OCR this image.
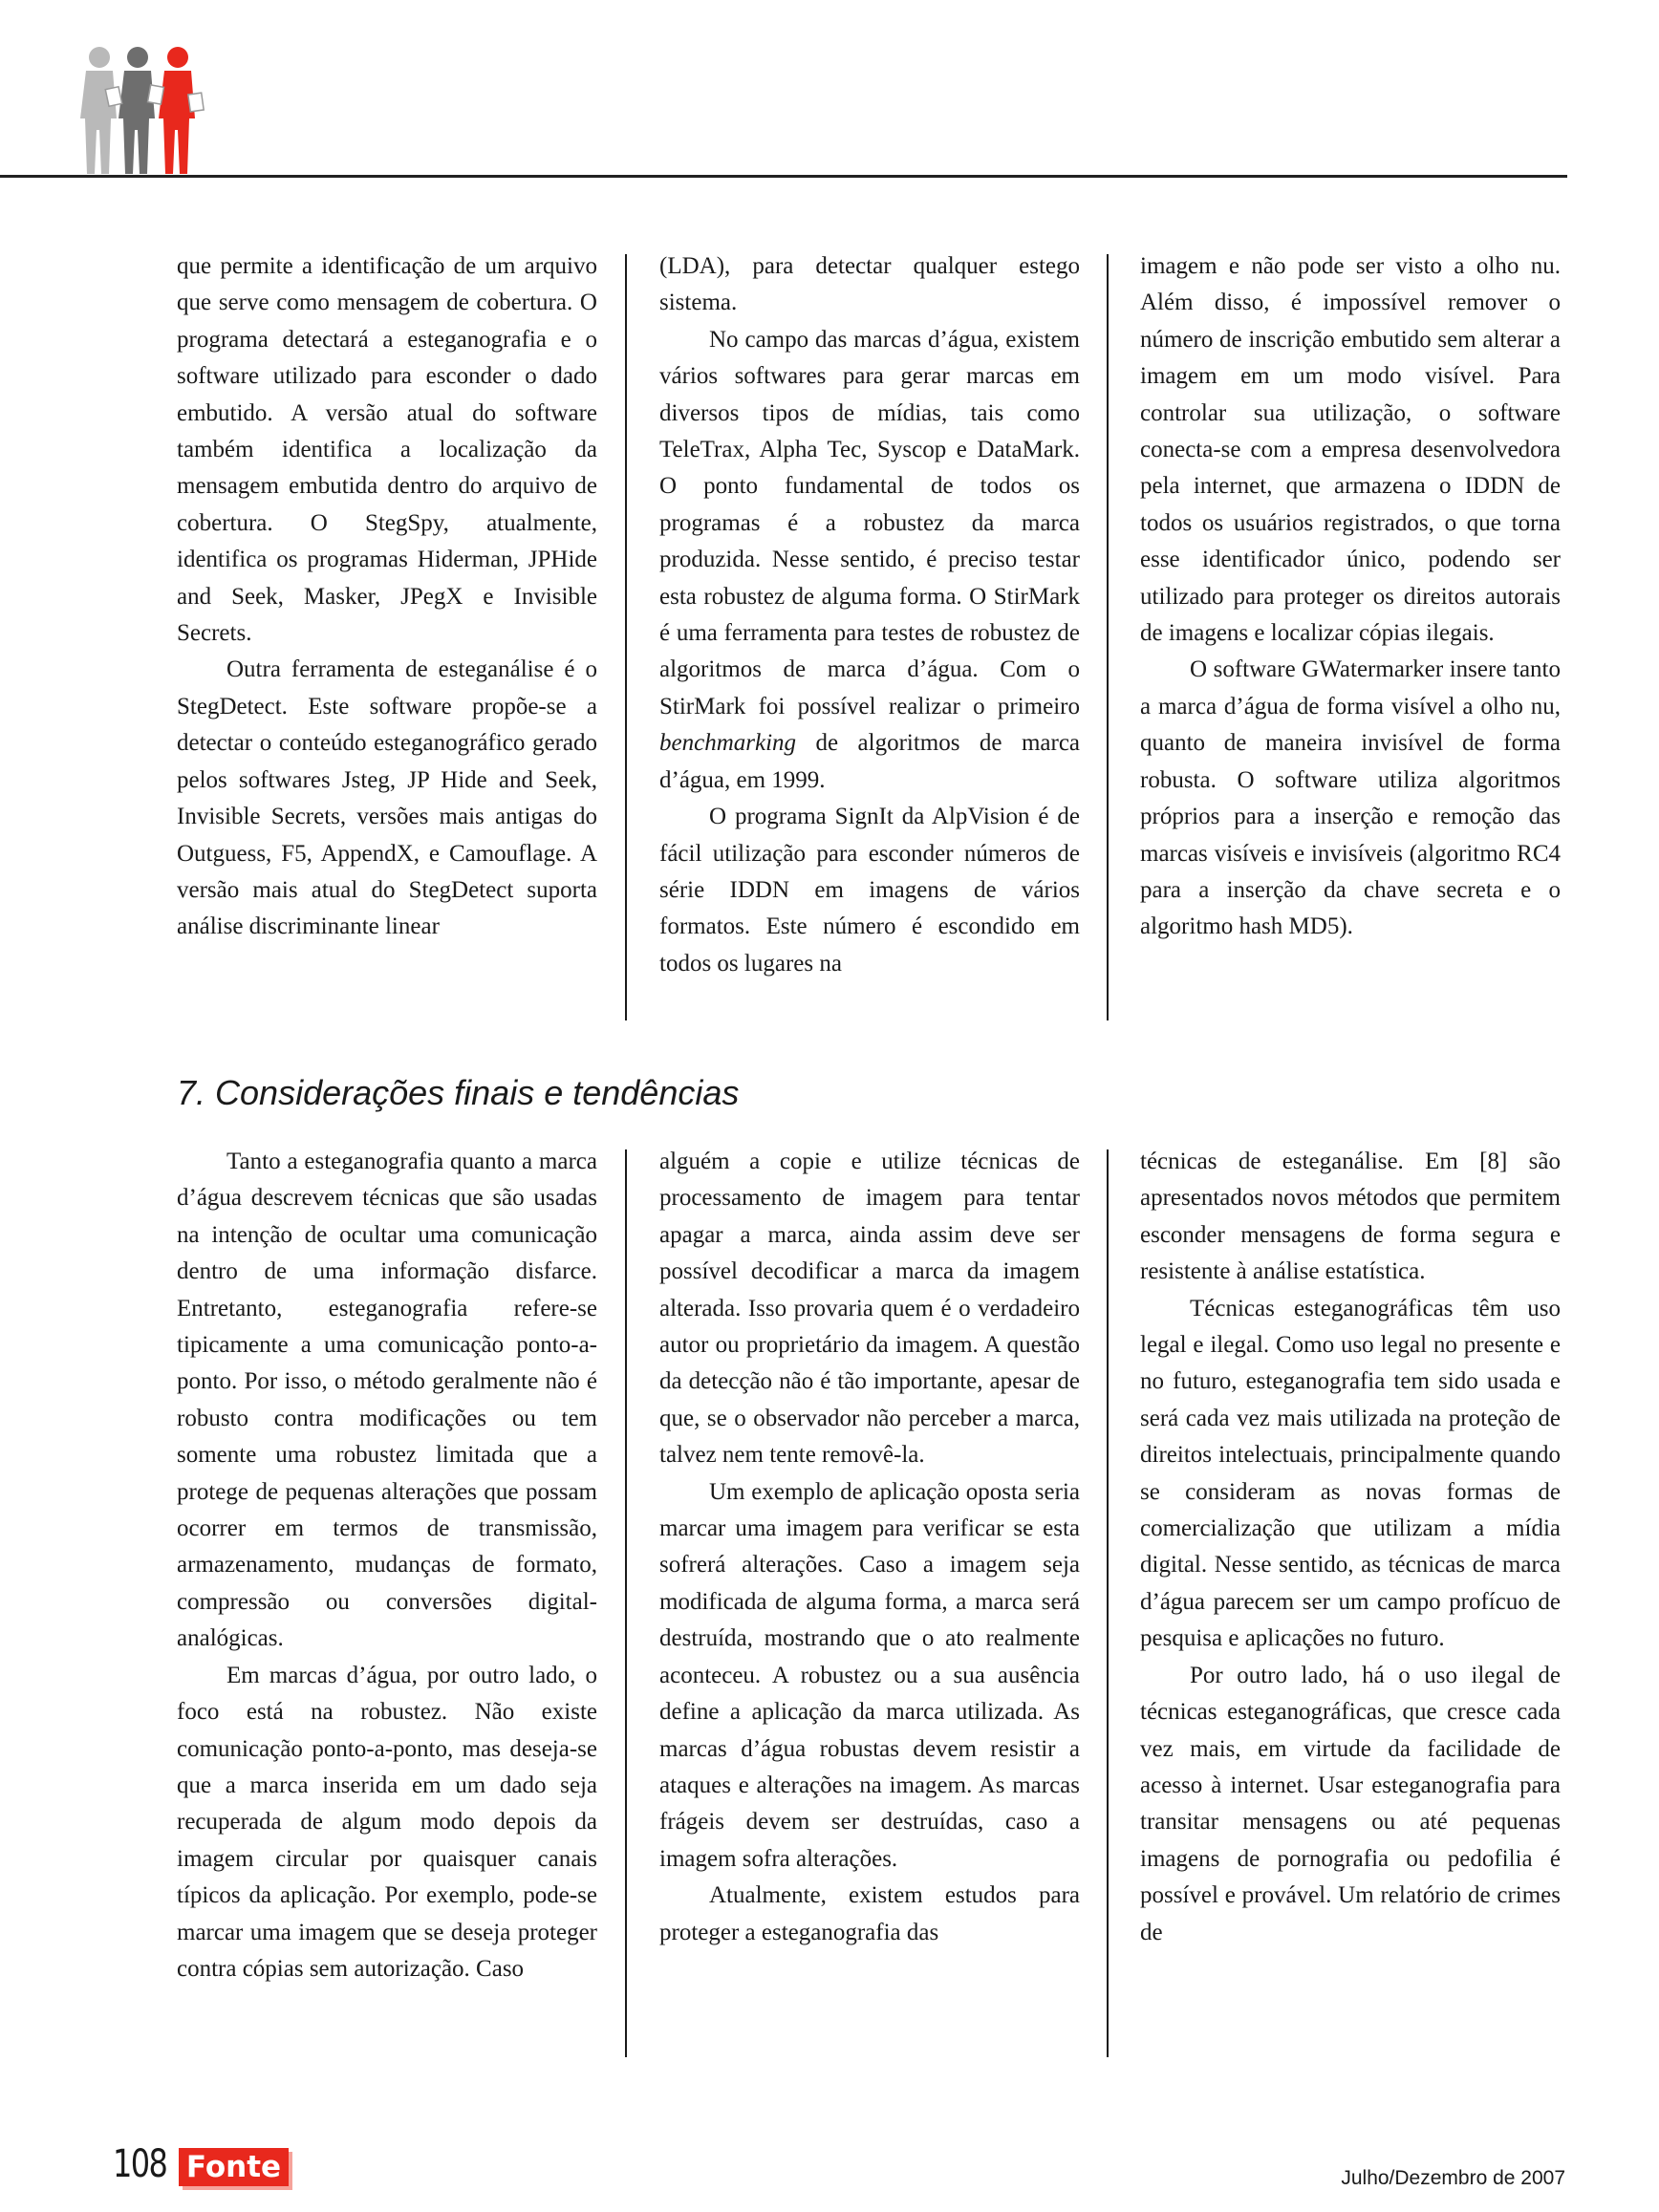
que permite a identificação de um arquivo que serve como mensagem de cobertura. O programa detectará a esteganografia e o software utilizado para esconder o dado embutido. A versão atual do software também identifica a localização da mensagem embutida dentro do arquivo de cobertura. O StegSpy, atualmente, identifica os programas Hiderman, JPHide and Seek, Masker, JPegX e Invisible Secrets.

Outra ferramenta de esteganálise é o StegDetect. Este software propõe-se a detectar o conteúdo esteganográfico gerado pelos softwares Jsteg, JP Hide and Seek, Invisible Secrets, versões mais antigas do Outguess, F5, AppendX, e Camouflage. A versão mais atual do StegDetect suporta análise discriminante linear

(LDA), para detectar qualquer estego sistema.

No campo das marcas d’água, existem vários softwares para gerar marcas em diversos tipos de mídias, tais como TeleTrax, Alpha Tec, Syscop e DataMark. O ponto fundamental de todos os programas é a robustez da marca produzida. Nesse sentido, é preciso testar esta robustez de alguma forma. O StirMark é uma ferramenta para testes de robustez de algoritmos de marca d’água. Com o StirMark foi possível realizar o primeiro benchmarking de algoritmos de marca d’água, em 1999.

O programa SignIt da AlpVision é de fácil utilização para esconder números de série IDDN em imagens de vários formatos. Este número é escondido em todos os lugares na

imagem e não pode ser visto a olho nu. Além disso, é impossível remover o número de inscrição embutido sem alterar a imagem em um modo visível. Para controlar sua utilização, o software conecta-se com a empresa desenvolvedora pela internet, que armazena o IDDN de todos os usuários registrados, o que torna esse identificador único, podendo ser utilizado para proteger os direitos autorais de imagens e localizar cópias ilegais.

O software GWatermarker insere tanto a marca d’água de forma visível a olho nu, quanto de maneira invisível de forma robusta. O software utiliza algoritmos próprios para a inserção e remoção das marcas visíveis e invisíveis (algoritmo RC4 para a inserção da chave secreta e o algoritmo hash MD5).

7. Considerações finais e tendências

Tanto a esteganografia quanto a marca d’água descrevem técnicas que são usadas na intenção de ocultar uma comunicação dentro de uma informação disfarce. Entretanto, esteganografia refere-se tipicamente a uma comunicação ponto-a-ponto. Por isso, o método geralmente não é robusto contra modificações ou tem somente uma robustez limitada que a protege de pequenas alterações que possam ocorrer em termos de transmissão, armazenamento, mudanças de formato, compressão ou conversões digital-analógicas.

Em marcas d’água, por outro lado, o foco está na robustez. Não existe comunicação ponto-a-ponto, mas deseja-se que a marca inserida em um dado seja recuperada de algum modo depois da imagem circular por quaisquer canais típicos da aplicação. Por exemplo, pode-se marcar uma imagem que se deseja proteger contra cópias sem autorização. Caso

alguém a copie e utilize técnicas de processamento de imagem para tentar apagar a marca, ainda assim deve ser possível decodificar a marca da imagem alterada. Isso provaria quem é o verdadeiro autor ou proprietário da imagem. A questão da detecção não é tão importante, apesar de que, se o observador não perceber a marca, talvez nem tente removê-la.

Um exemplo de aplicação oposta seria marcar uma imagem para verificar se esta sofrerá alterações. Caso a imagem seja modificada de alguma forma, a marca será destruída, mostrando que o ato realmente aconteceu. A robustez ou a sua ausência define a aplicação da marca utilizada. As marcas d’água robustas devem resistir a ataques e alterações na imagem. As marcas frágeis devem ser destruídas, caso a imagem sofra alterações.

Atualmente, existem estudos para proteger a esteganografia das

técnicas de esteganálise. Em [8] são apresentados novos métodos que permitem esconder mensagens de forma segura e resistente à análise estatística.

Técnicas esteganográficas têm uso legal e ilegal. Como uso legal no presente e no futuro, esteganografia tem sido usada e será cada vez mais utilizada na proteção de direitos intelectuais, principalmente quando se consideram as novas formas de comercialização que utilizam a mídia digital. Nesse sentido, as técnicas de marca d’água parecem ser um campo profícuo de pesquisa e aplicações no futuro.

Por outro lado, há o uso ilegal de técnicas esteganográficas, que cresce cada vez mais, em virtude da facilidade de acesso à internet. Usar esteganografia para transitar mensagens ou até pequenas imagens de pornografia ou pedofilia é possível e provável. Um relatório de crimes de

108 Fonte	Julho/Dezembro de 2007
